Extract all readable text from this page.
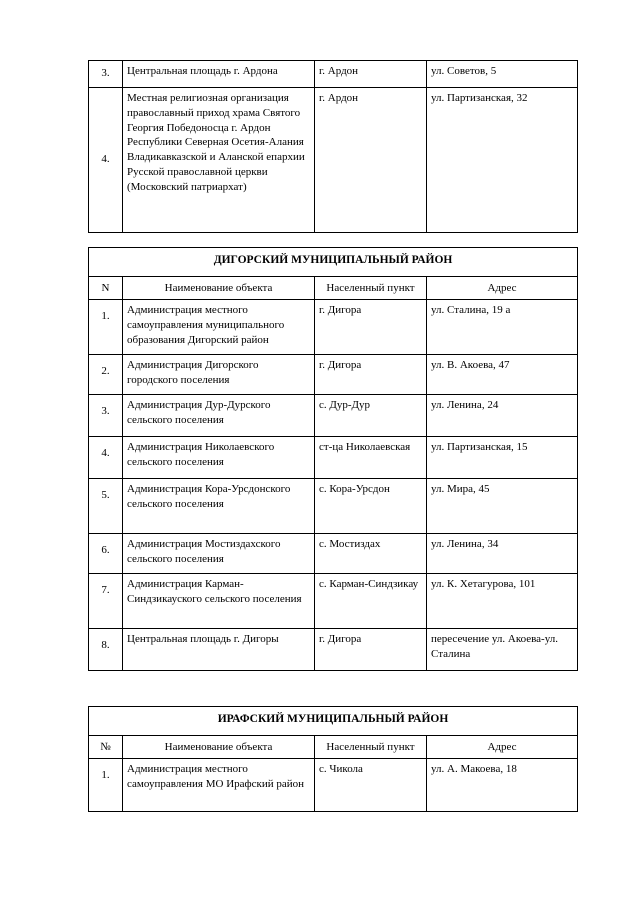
3.	Центральная площадь г. Ардона	г. Ардон	ул. Советов, 5
4.	Местная религиозная организация православный приход храма Святого Георгия Победоносца г. Ардон Республики Северная Осетия-Алания Владикавказской и Аланской епархии Русской православной церкви (Московский патриархат)	г. Ардон	ул. Партизанская, 32
ДИГОРСКИЙ МУНИЦИПАЛЬНЫЙ РАЙОН			
N	Наименование объекта	Населенный пункт	Адрес
1.	Администрация местного самоуправления муниципального образования Дигорский район	г. Дигора	ул. Сталина, 19 а
2.	Администрация Дигорского городского поселения	г. Дигора	ул. В. Акоева, 47
3.	Администрация Дур-Дурского сельского поселения	с. Дур-Дур	ул. Ленина, 24
4.	Администрация Николаевского сельского поселения	ст-ца Николаевская	ул. Партизанская, 15
5.	Администрация Кора-Урсдонского сельского поселения	с. Кора-Урсдон	ул. Мира, 45
6.	Администрация Мостиздахского сельского поселения	с. Мостиздах	ул. Ленина, 34
7.	Администрация Карман-Синдзикауского сельского поселения	с. Карман-Синдзикау	ул. К. Хетагурова, 101
8.	Центральная площадь г. Дигоры	г. Дигора	пересечение ул. Акоева-ул. Сталина
ИРАФСКИЙ МУНИЦИПАЛЬНЫЙ РАЙОН			
№	Наименование объекта	Населенный пункт	Адрес
1.	Администрация местного самоуправления МО Ирафский район	с. Чикола	ул. А. Макоева, 18
